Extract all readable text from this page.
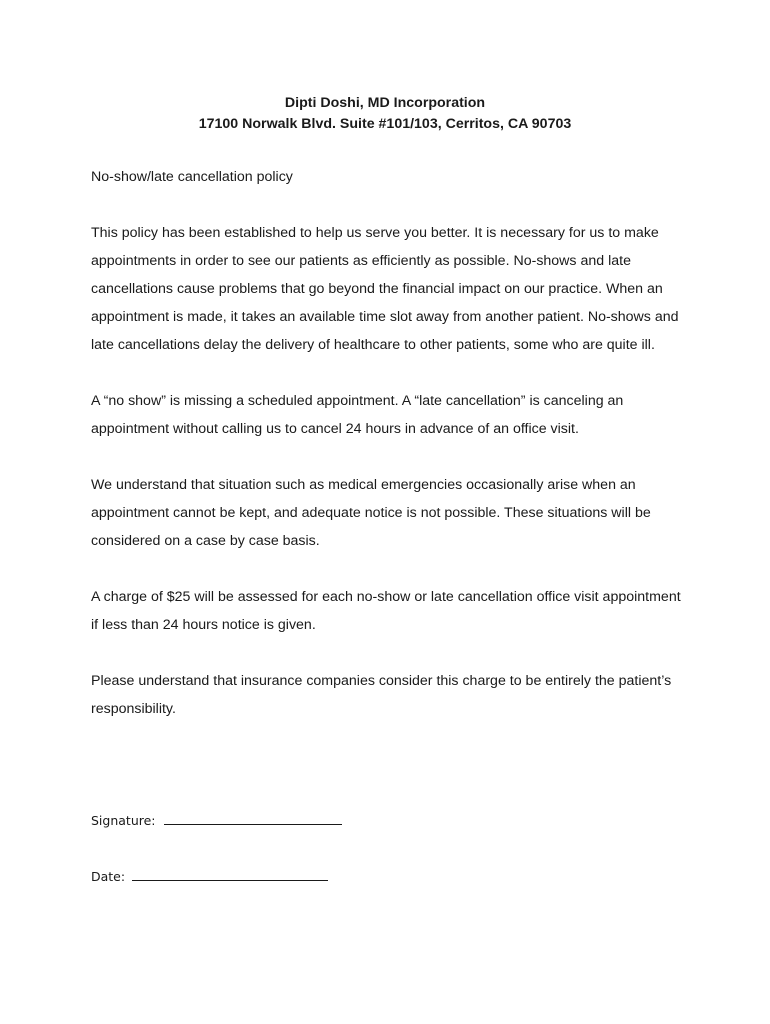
Dipti Doshi, MD Incorporation
17100 Norwalk Blvd. Suite #101/103, Cerritos, CA 90703
No-show/late cancellation policy
This policy has been established to help us serve you better. It is necessary for us to make appointments in order to see our patients as efficiently as possible. No-shows and late cancellations cause problems that go beyond the financial impact on our practice. When an appointment is made, it takes an available time slot away from another patient. No-shows and late cancellations delay the delivery of healthcare to other patients, some who are quite ill.
A “no show” is missing a scheduled appointment. A “late cancellation” is canceling an appointment without calling us to cancel 24 hours in advance of an office visit.
We understand that situation such as medical emergencies occasionally arise when an appointment cannot be kept, and adequate notice is not possible. These situations will be considered on a case by case basis.
A charge of $25 will be assessed for each no-show or late cancellation office visit appointment if less than 24 hours notice is given.
Please understand that insurance companies consider this charge to be entirely the patient’s responsibility.
Signature:
Date:
